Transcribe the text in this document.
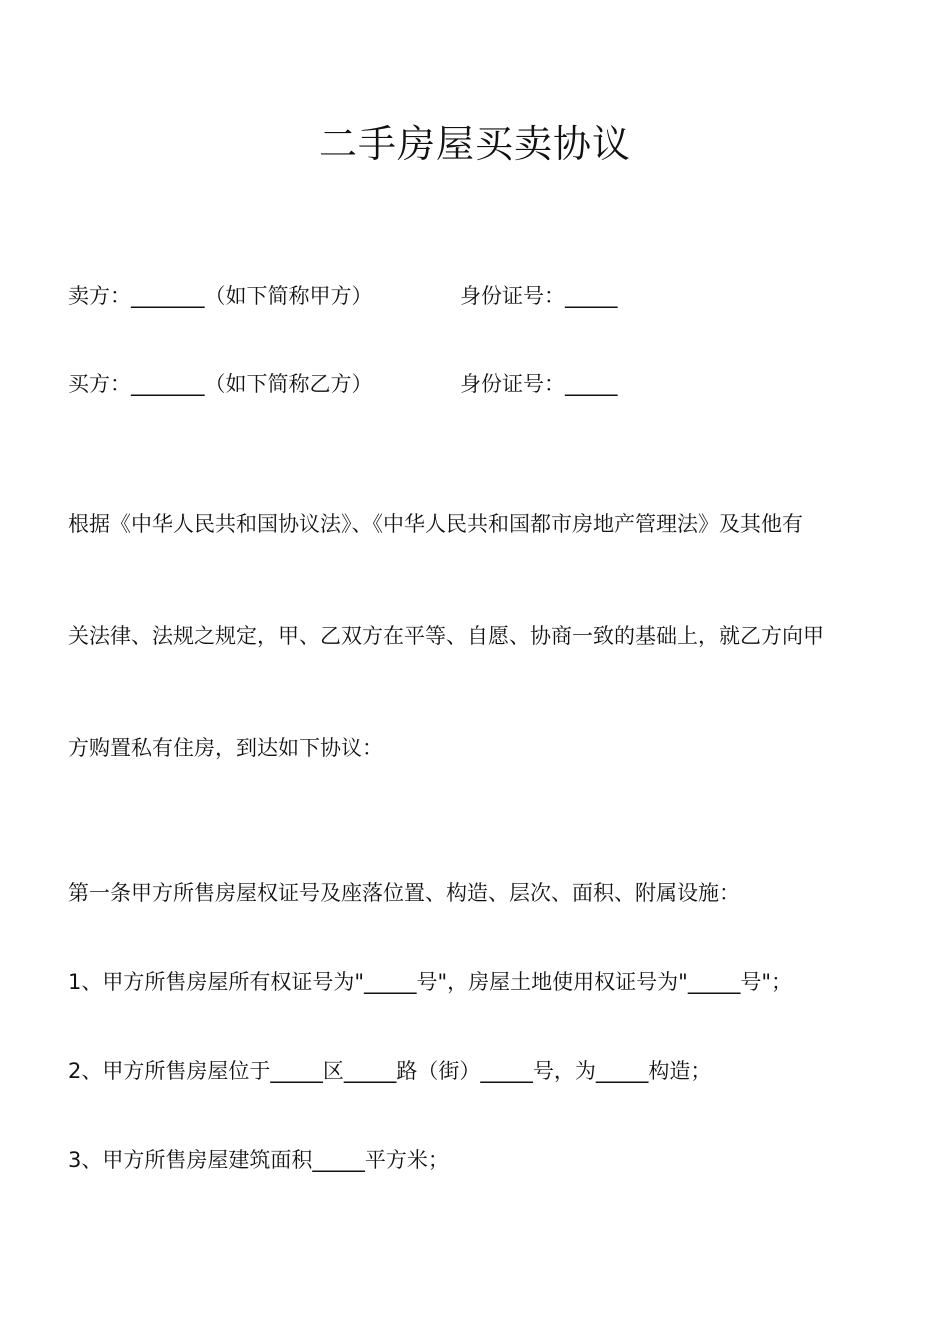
二手房屋买卖协议
卖方：_______（如下简称甲方）	身份证号：_____
买方：_______（如下简称乙方）	身份证号：_____
根据《中华人民共和国协议法》、《中华人民共和国都市房地产管理法》及其他有
关法律、法规之规定，甲、乙双方在平等、自愿、协商一致的基础上，就乙方向甲
方购置私有住房，到达如下协议：
第一条甲方所售房屋权证号及座落位置、构造、层次、面积、附属设施：
1、甲方所售房屋所有权证号为"_____号"，房屋土地使用权证号为"_____号"；
2、甲方所售房屋位于_____区_____路（街）_____号，为_____构造；
3、甲方所售房屋建筑面积_____平方米；
